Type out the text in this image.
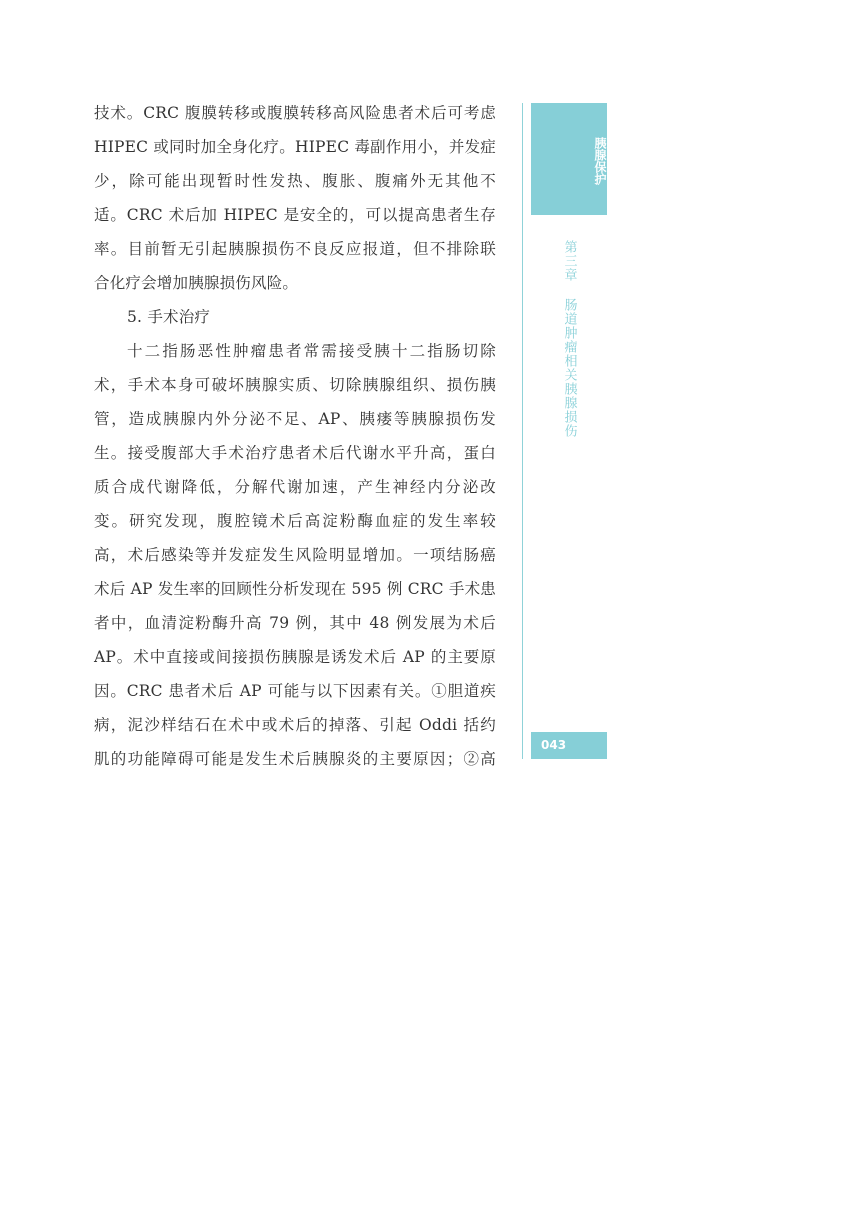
技术。CRC 腹膜转移或腹膜转移高风险患者术后可考虑
HIPEC 或同时加全身化疗。HIPEC 毒副作用小，并发症
少，除可能出现暂时性发热、腹胀、腹痛外无其他不
适。CRC 术后加 HIPEC 是安全的，可以提高患者生存
率。目前暂无引起胰腺损伤不良反应报道，但不排除联
合化疗会增加胰腺损伤风险。
5. 手术治疗
十二指肠恶性肿瘤患者常需接受胰十二指肠切除
术，手术本身可破坏胰腺实质、切除胰腺组织、损伤胰
管，造成胰腺内外分泌不足、AP、胰瘘等胰腺损伤发
生。接受腹部大手术治疗患者术后代谢水平升高，蛋白
质合成代谢降低，分解代谢加速，产生神经内分泌改
变。研究发现，腹腔镜术后高淀粉酶血症的发生率较
高，术后感染等并发症发生风险明显增加。一项结肠癌
术后 AP 发生率的回顾性分析发现在 595 例 CRC 手术患
者中，血清淀粉酶升高 79 例，其中 48 例发展为术后
AP。术中直接或间接损伤胰腺是诱发术后 AP 的主要原
因。CRC 患者术后 AP 可能与以下因素有关。①胆道疾
病，泥沙样结石在术中或术后的掉落、引起 Oddi 括约
肌的功能障碍可能是发生术后胰腺炎的主要原因；②高
胰腺保护
第三章肠道肿瘤相关胰腺损伤
043
